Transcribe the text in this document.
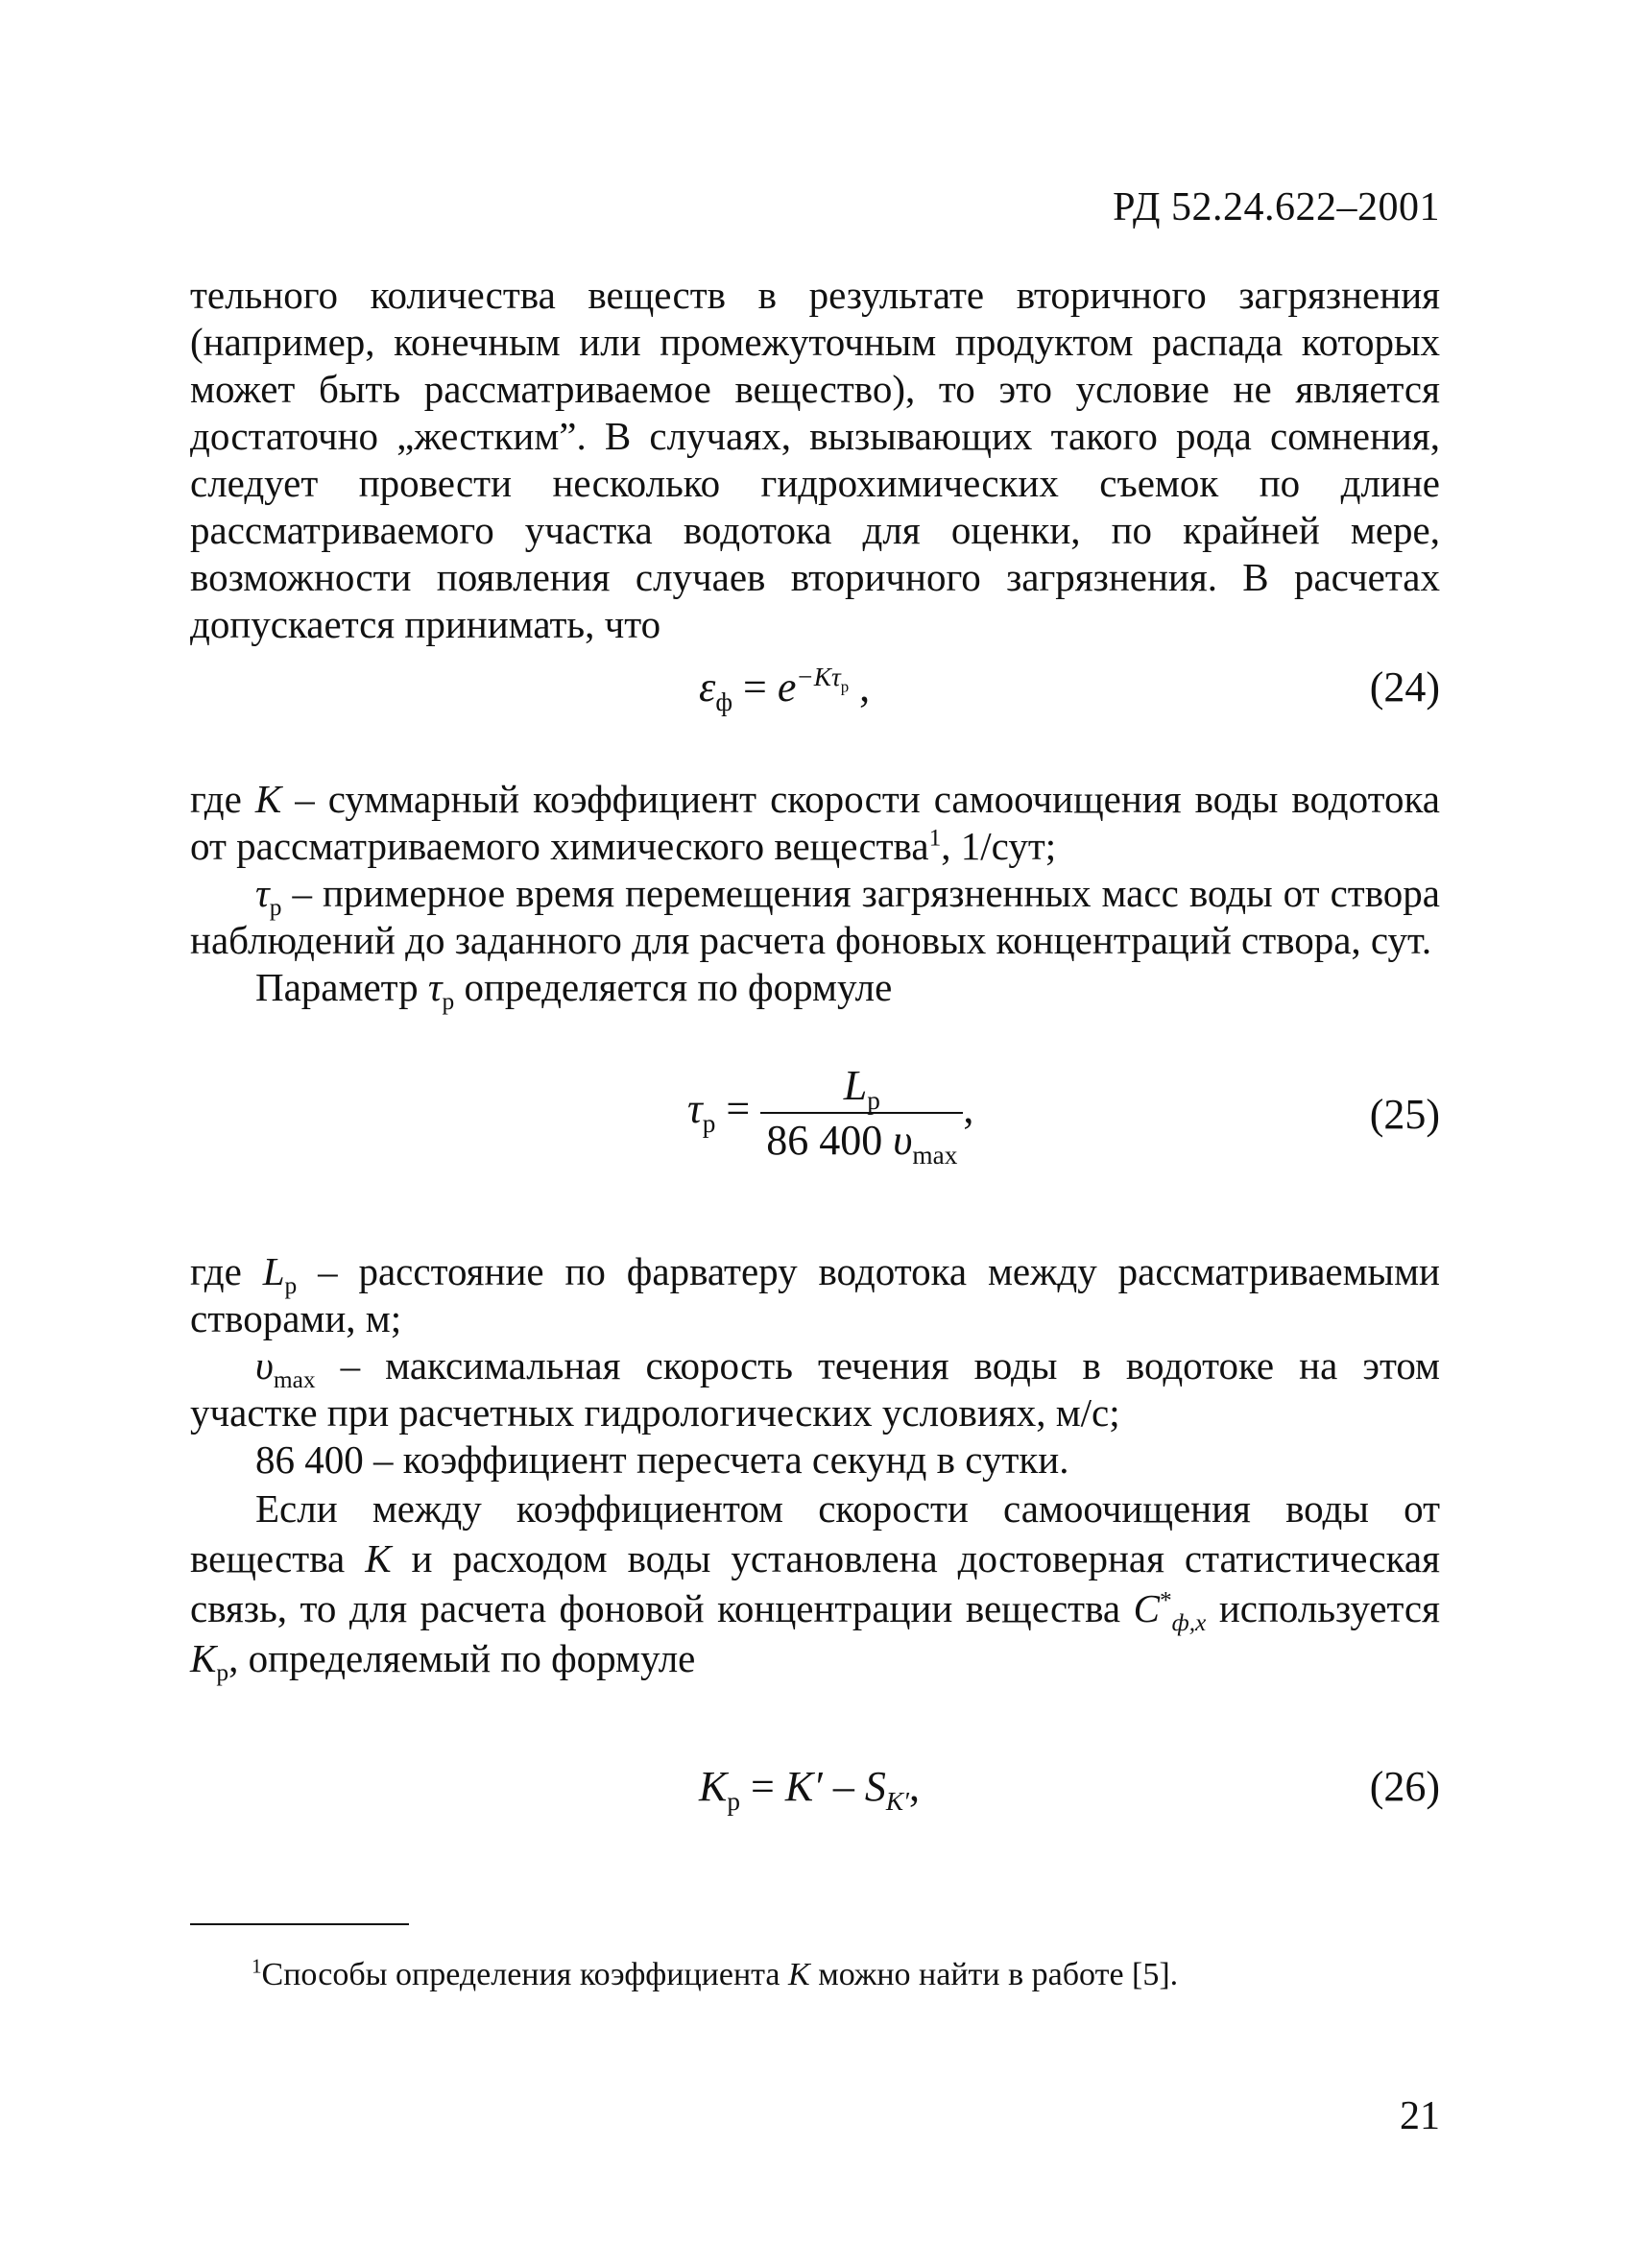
РД 52.24.622–2001

тельного количества веществ в результате вторичного загрязнения (например, конечным или промежуточным продуктом распада которых может быть рассматриваемое вещество), то это условие не является достаточно „жестким”. В случаях, вызывающих такого рода сомнения, следует провести несколько гидрохимических съемок по длине рассматриваемого участка водотока для оценки, по крайней мере, возможности появления случаев вторичного загрязнения. В расчетах допускается принимать, что

$\varepsilon_ф = e^{-K\tau_р}$ ,	(24)

где K – суммарный коэффициент скорости самоочищения воды водотока от рассматриваемого химического вещества$^1$, 1/сут;

$\tau_р$ – примерное время перемещения загрязненных масс воды от створа наблюдений до заданного для расчета фоновых концентраций створа, сут.

Параметр $\tau_р$ определяется по формуле

$\tau_р = \frac{L_р}{86 400 \upsilon_{max}}$ ,	(25)

где $L_р$ – расстояние по фарватеру водотока между рассматриваемыми створами, м;

$\upsilon_{max}$ – максимальная скорость течения воды в водотоке на этом участке при расчетных гидрологических условиях, м/с;

86 400 – коэффициент пересчета секунд в сутки.

Если между коэффициентом скорости самоочищения воды от вещества K и расходом воды установлена достоверная статистическая связь, то для расчета фоновой концентрации вещества $C^*_{ф,x}$ используется $K_р$, определяемый по формуле

$K_р = K' - S_{K'}$,	(26)
$^1$Способы определения коэффициента K можно найти в работе [5].
21
